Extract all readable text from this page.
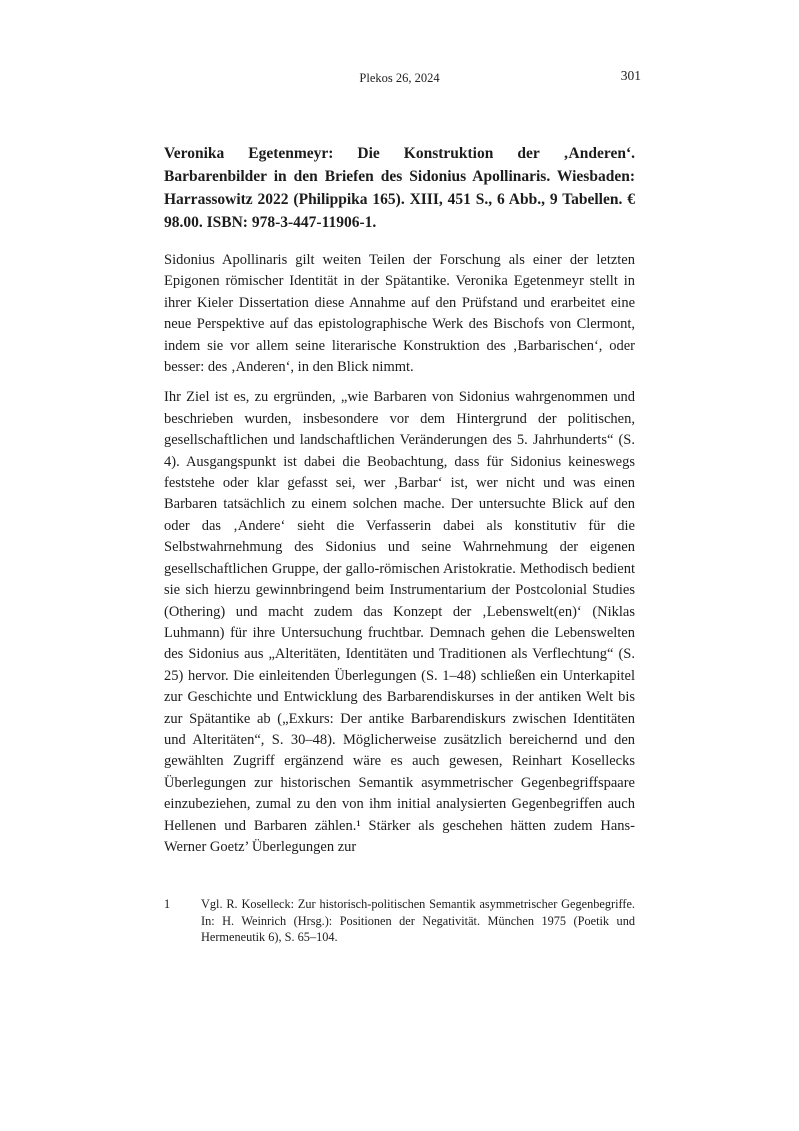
Plekos 26, 2024	301

Veronika Egetenmeyr: Die Konstruktion der ‚Anderen‘. Barbarenbilder in den Briefen des Sidonius Apollinaris. Wiesbaden: Harrassowitz 2022 (Philippika 165). XIII, 451 S., 6 Abb., 9 Tabellen. € 98.00. ISBN: 978-3-447-11906-1.

Sidonius Apollinaris gilt weiten Teilen der Forschung als einer der letzten Epigonen römischer Identität in der Spätantike. Veronika Egetenmeyr stellt in ihrer Kieler Dissertation diese Annahme auf den Prüfstand und erarbeitet eine neue Perspektive auf das epistolographische Werk des Bischofs von Clermont, indem sie vor allem seine literarische Konstruktion des ‚Barbarischen‘, oder besser: des ‚Anderen‘, in den Blick nimmt.

Ihr Ziel ist es, zu ergründen, „wie Barbaren von Sidonius wahrgenommen und beschrieben wurden, insbesondere vor dem Hintergrund der politischen, gesellschaftlichen und landschaftlichen Veränderungen des 5. Jahrhunderts“ (S. 4). Ausgangspunkt ist dabei die Beobachtung, dass für Sidonius keineswegs feststehe oder klar gefasst sei, wer ‚Barbar‘ ist, wer nicht und was einen Barbaren tatsächlich zu einem solchen mache. Der untersuchte Blick auf den oder das ‚Andere‘ sieht die Verfasserin dabei als konstitutiv für die Selbstwahrnehmung des Sidonius und seine Wahrnehmung der eigenen gesellschaftlichen Gruppe, der gallo-römischen Aristokratie. Methodisch bedient sie sich hierzu gewinnbringend beim Instrumentarium der Postcolonial Studies (Othering) und macht zudem das Konzept der ‚Lebenswelt(en)‘ (Niklas Luhmann) für ihre Untersuchung fruchtbar. Demnach gehen die Lebenswelten des Sidonius aus „Alteritäten, Identitäten und Traditionen als Verflechtung“ (S. 25) hervor. Die einleitenden Überlegungen (S. 1–48) schließen ein Unterkapitel zur Geschichte und Entwicklung des Barbarendiskurses in der antiken Welt bis zur Spätantike ab („Exkurs: Der antike Barbarendiskurs zwischen Identitäten und Alteritäten“, S. 30–48). Möglicherweise zusätzlich bereichernd und den gewählten Zugriff ergänzend wäre es auch gewesen, Reinhart Kosellecks Überlegungen zur historischen Semantik asymmetrischer Gegenbegriffspaare einzubeziehen, zumal zu den von ihm initial analysierten Gegenbegriffen auch Hellenen und Barbaren zählen.¹ Stärker als geschehen hätten zudem Hans-Werner Goetz’ Überlegungen zur

1	Vgl. R. Koselleck: Zur historisch-politischen Semantik asymmetrischer Gegenbegriffe. In: H. Weinrich (Hrsg.): Positionen der Negativität. München 1975 (Poetik und Hermeneutik 6), S. 65–104.
